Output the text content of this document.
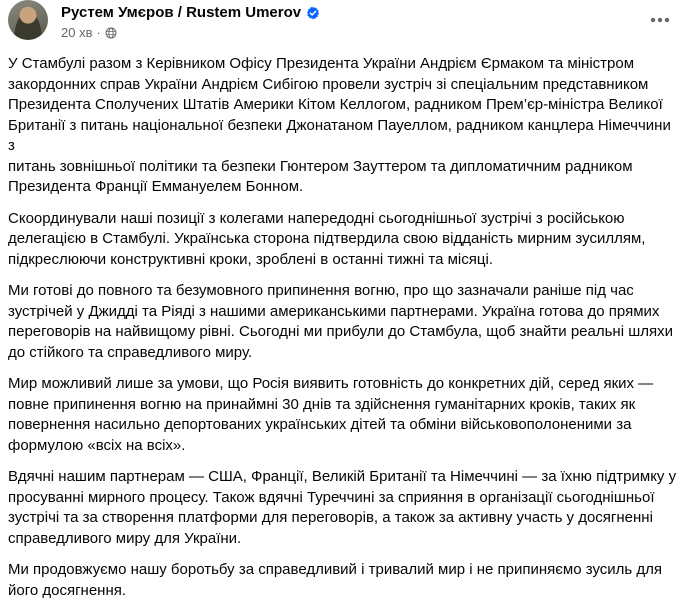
Рустем Умєров / Rustem Umerov
20 хв ·

У Стамбулі разом з Керівником Офісу Президента України Андрієм Єрмаком та міністром
закордонних справ України Андрієм Сибігою провели зустріч зі спеціальним представником
Президента Сполучених Штатів Америки Кітом Келлогом, радником Прем’єр-міністра Великої
Британії з питань національної безпеки Джонатаном Пауеллом, радником канцлера Німеччини з
питань зовнішньої політики та безпеки Гюнтером Зауттером та дипломатичним радником
Президента Франції Еммануелем Бонном.

Скоординували наші позиції з колегами напередодні сьогоднішньої зустрічі з російською
делегацією в Стамбулі. Українська сторона підтвердила свою відданість мирним зусиллям,
підкреслюючи конструктивні кроки, зроблені в останні тижні та місяці.

Ми готові до повного та безумовного припинення вогню, про що зазначали раніше під час
зустрічей у Джидді та Ріяді з нашими американськими партнерами. Україна готова до прямих
переговорів на найвищому рівні. Сьогодні ми прибули до Стамбула, щоб знайти реальні шляхи
до стійкого та справедливого миру.

Мир можливий лише за умови, що Росія виявить готовність до конкретних дій, серед яких —
повне припинення вогню на принаймні 30 днів та здійснення гуманітарних кроків, таких як
повернення насильно депортованих українських дітей та обміни військовополоненими за
формулою «всіх на всіх».

Вдячні нашим партнерам — США, Франції, Великій Британії та Німеччині — за їхню підтримку у
просуванні мирного процесу. Також вдячні Туреччині за сприяння в організації сьогоднішньої
зустрічі та за створення платформи для переговорів, а також за активну участь у досягненні
справедливого миру для України.

Ми продовжуємо нашу боротьбу за справедливий і тривалий мир і не припиняємо зусиль для
його досягнення.
